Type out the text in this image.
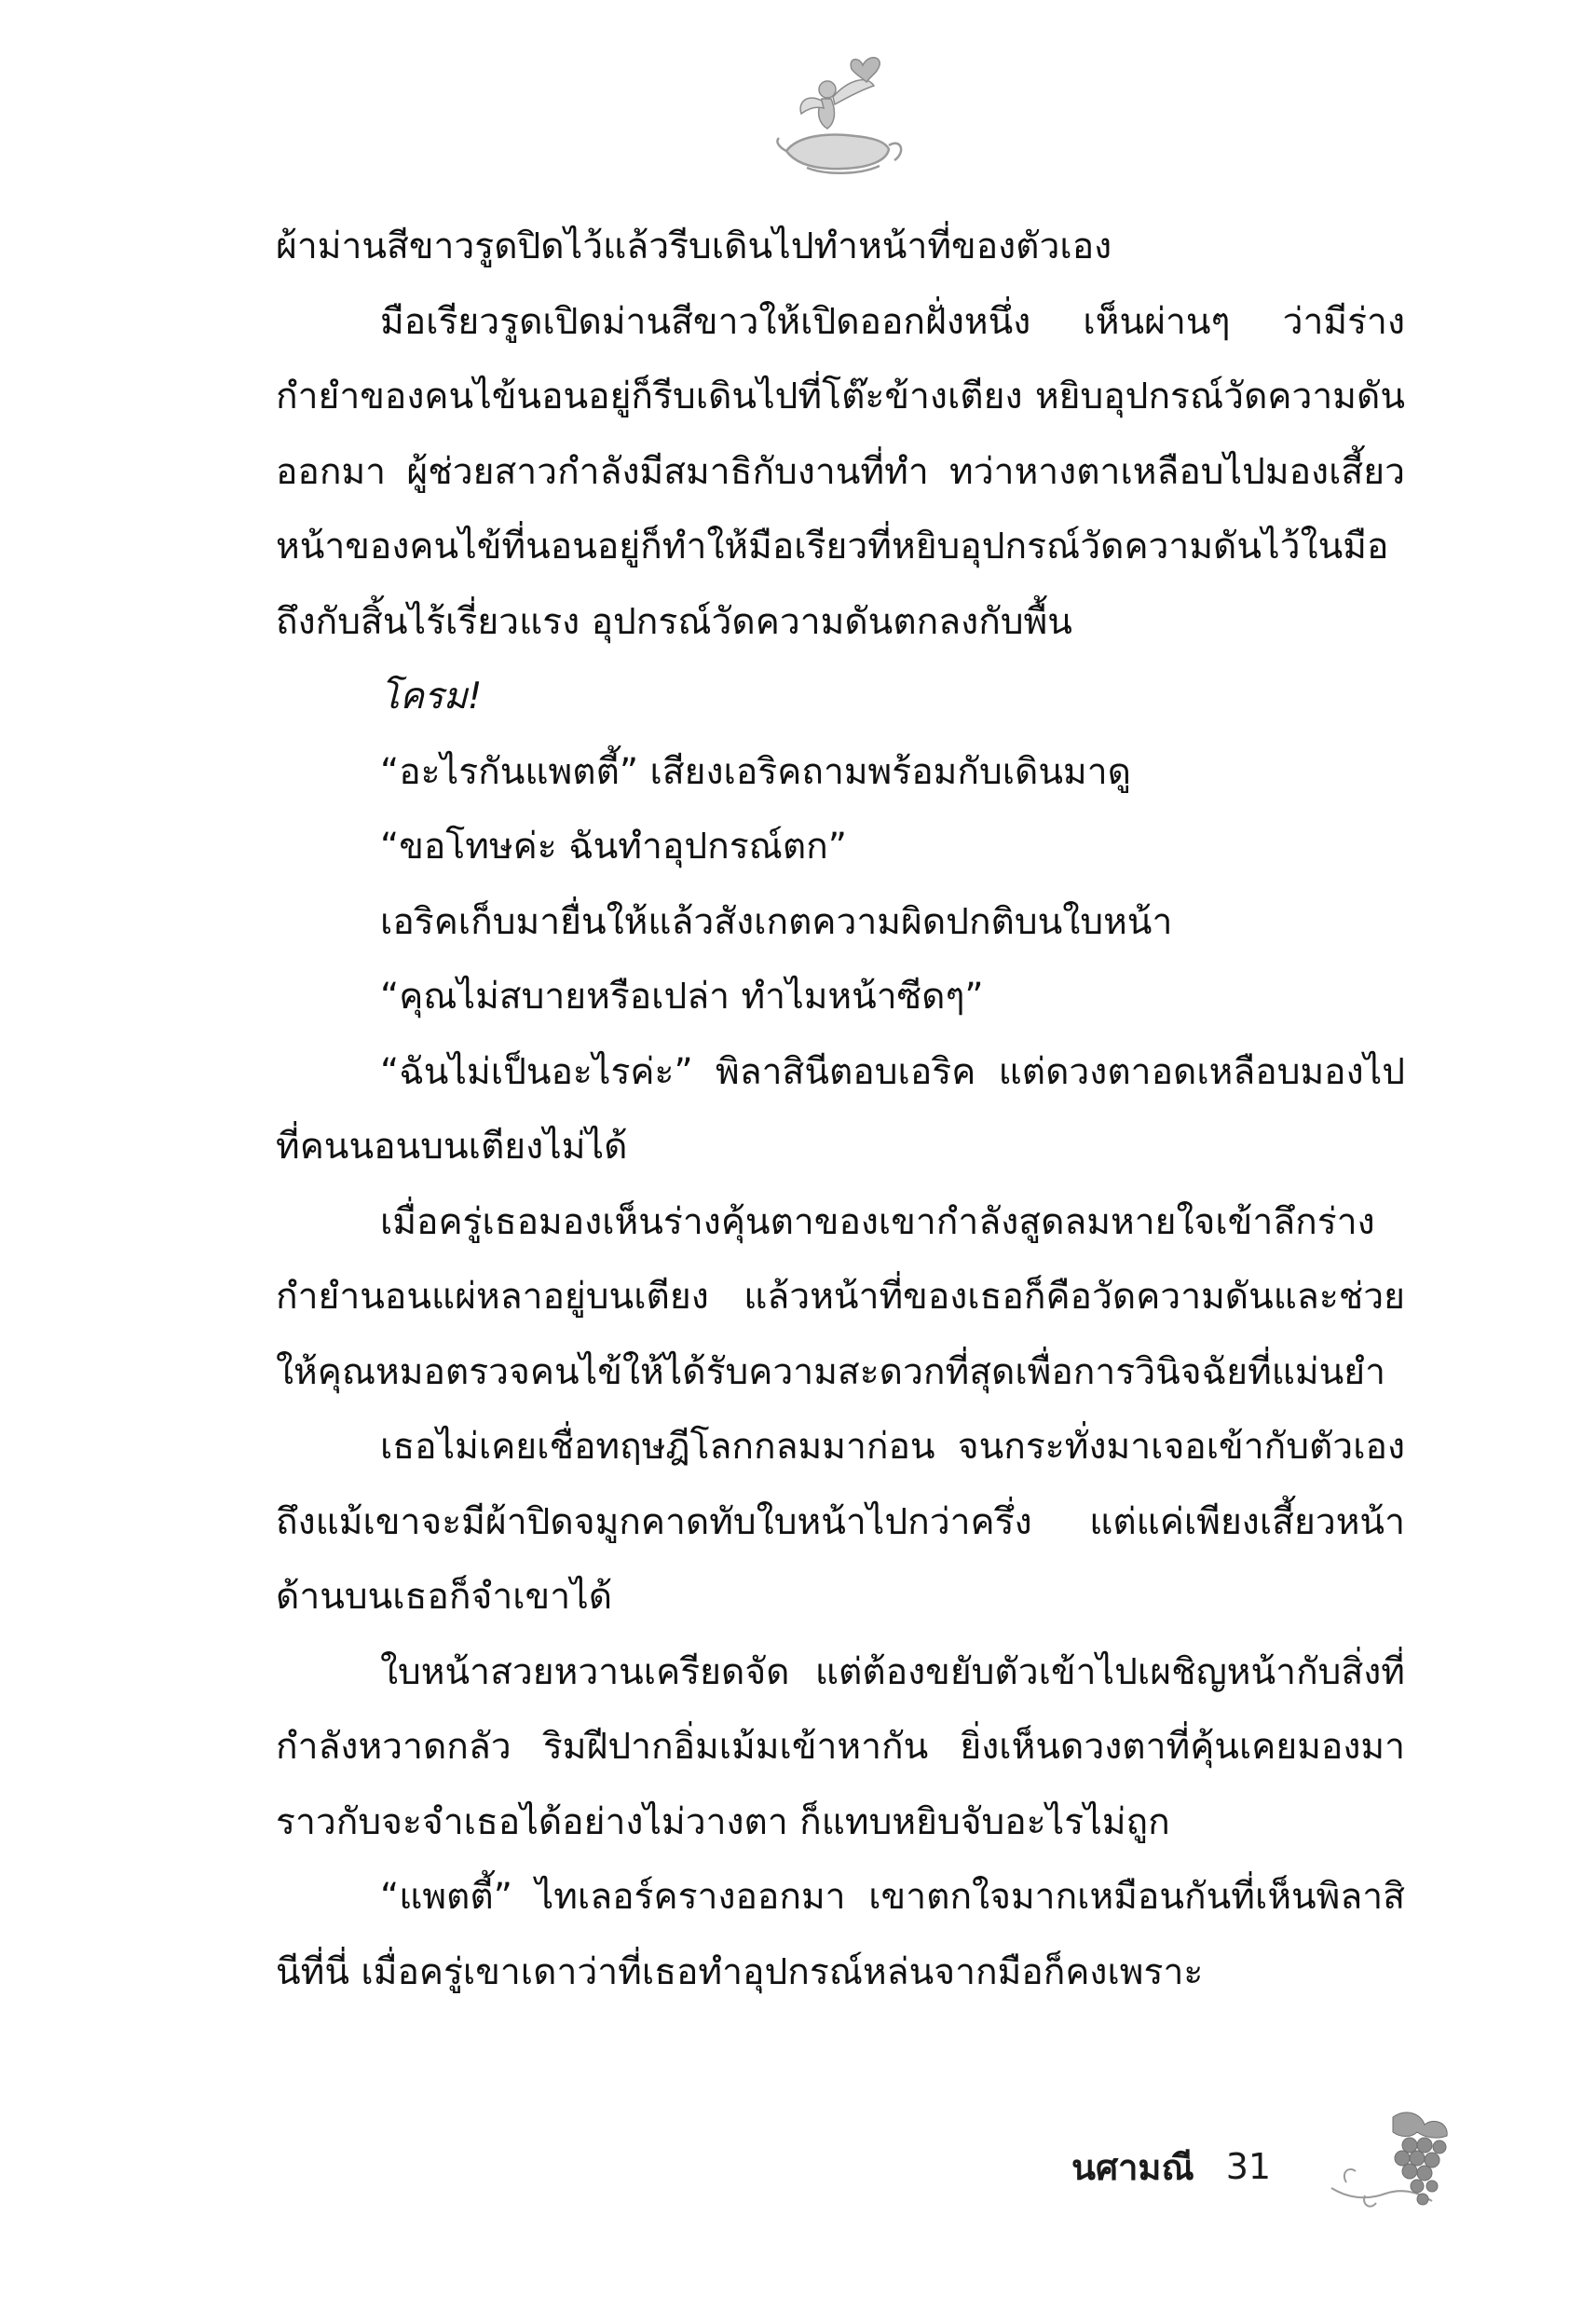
ผ้าม่านสีขาวรูดปิดไว้แล้วรีบเดินไปทำหน้าที่ของตัวเอง

มือเรียวรูดเปิดม่านสีขาวให้เปิดออกฝั่งหนึ่ง เห็นผ่านๆ ว่ามีร่างกำยำของคนไข้นอนอยู่ก็รีบเดินไปที่โต๊ะข้างเตียง หยิบอุปกรณ์วัดความดันออกมา ผู้ช่วยสาวกำลังมีสมาธิกับงานที่ทำ ทว่าหางตาเหลือบไปมองเสี้ยวหน้าของคนไข้ที่นอนอยู่ก็ทำให้มือเรียวที่หยิบอุปกรณ์วัดความดันไว้ในมือถึงกับสิ้นไร้เรี่ยวแรง อุปกรณ์วัดความดันตกลงกับพื้น

โครม!

“อะไรกันแพตตี้” เสียงเอริคถามพร้อมกับเดินมาดู

“ขอโทษค่ะ ฉันทำอุปกรณ์ตก”

เอริคเก็บมายื่นให้แล้วสังเกตความผิดปกติบนใบหน้า

“คุณไม่สบายหรือเปล่า ทำไมหน้าซีดๆ”

“ฉันไม่เป็นอะไรค่ะ” พิลาสินีตอบเอริค แต่ดวงตาอดเหลือบมองไปที่คนนอนบนเตียงไม่ได้

เมื่อครู่เธอมองเห็นร่างคุ้นตาของเขากำลังสูดลมหายใจเข้าลึกร่างกำยำนอนแผ่หลาอยู่บนเตียง แล้วหน้าที่ของเธอก็คือวัดความดันและช่วยให้คุณหมอตรวจคนไข้ให้ได้รับความสะดวกที่สุดเพื่อการวินิจฉัยที่แม่นยำ

เธอไม่เคยเชื่อทฤษฎีโลกกลมมาก่อน จนกระทั่งมาเจอเข้ากับตัวเอง ถึงแม้เขาจะมีผ้าปิดจมูกคาดทับใบหน้าไปกว่าครึ่ง แต่แค่เพียงเสี้ยวหน้าด้านบนเธอก็จำเขาได้

ใบหน้าสวยหวานเครียดจัด แต่ต้องขยับตัวเข้าไปเผชิญหน้ากับสิ่งที่กำลังหวาดกลัว ริมฝีปากอิ่มเม้มเข้าหากัน ยิ่งเห็นดวงตาที่คุ้นเคยมองมาราวกับจะจำเธอได้อย่างไม่วางตา ก็แทบหยิบจับอะไรไม่ถูก

“แพตตี้” ไทเลอร์ครางออกมา เขาตกใจมากเหมือนกันที่เห็นพิลาสินีที่นี่ เมื่อครู่เขาเดาว่าที่เธอทำอุปกรณ์หล่นจากมือก็คงเพราะ

นศามณี 31
